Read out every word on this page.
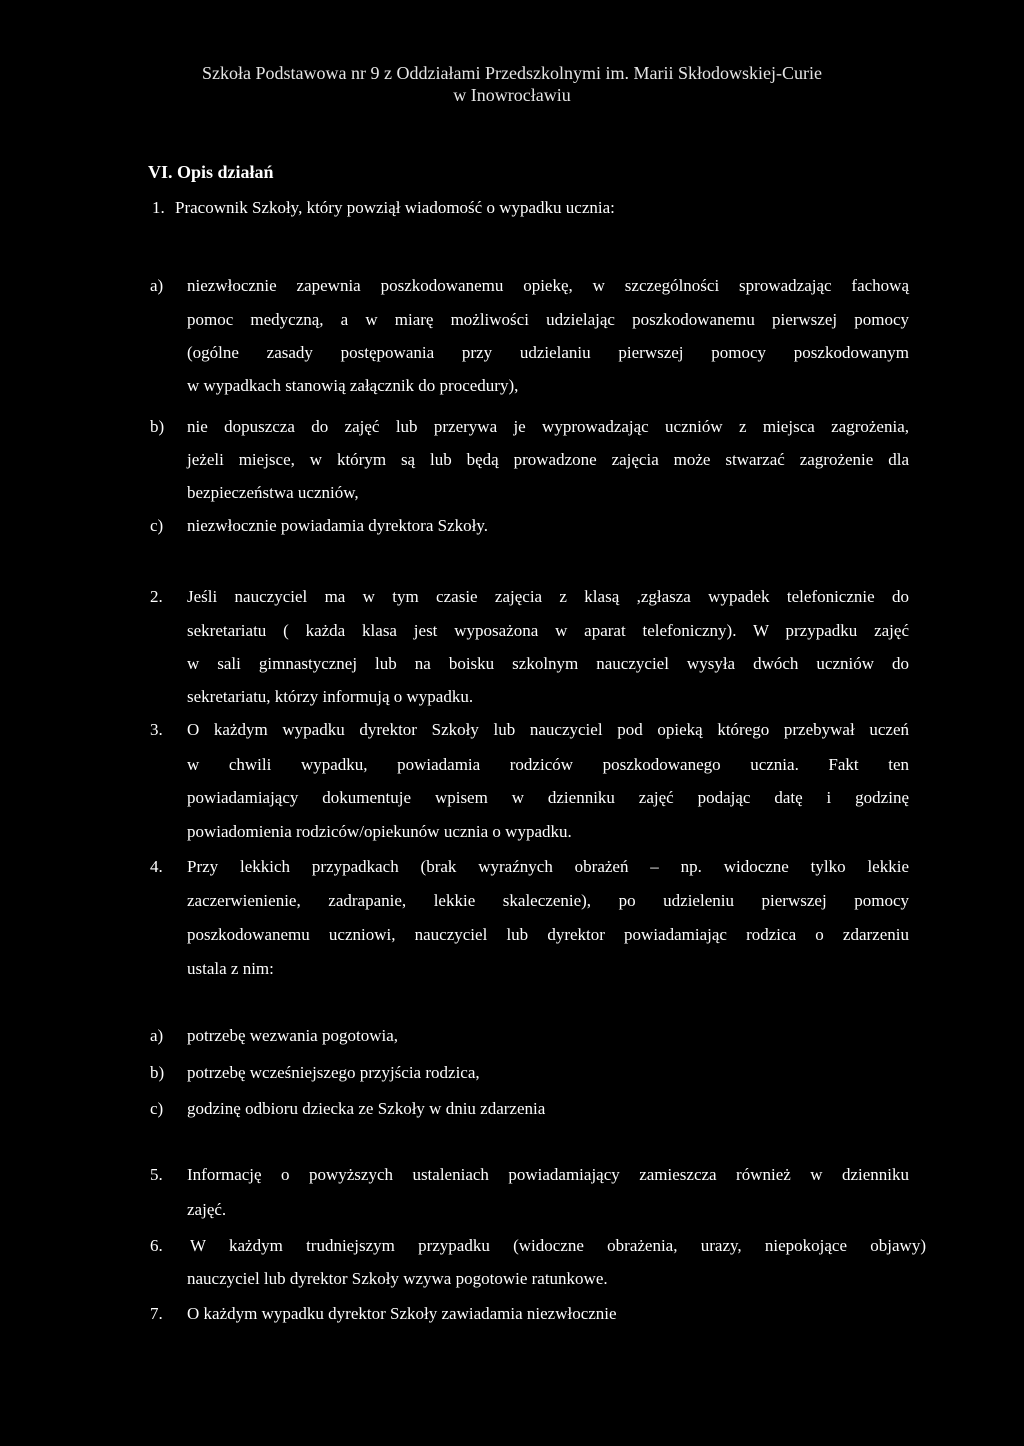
Szkoła Podstawowa nr 9 z Oddziałami Przedszkolnymi im. Marii Skłodowskiej-Curie
w Inowrocławiu
VI. Opis działań
1. Pracownik Szkoły, który powziął wiadomość o wypadku ucznia:
a) niezwłocznie zapewnia poszkodowanemu opiekę, w szczególności sprowadzając fachową
pomoc medyczną, a w miarę możliwości udzielając poszkodowanemu pierwszej pomocy
(ogólne zasady postępowania przy udzielaniu pierwszej pomocy poszkodowanym
w wypadkach stanowią załącznik do procedury),
b) nie dopuszcza do zajęć lub przerywa je wyprowadzając uczniów z miejsca zagrożenia,
jeżeli miejsce, w którym są lub będą prowadzone zajęcia może stwarzać zagrożenie dla
bezpieczeństwa uczniów,
c) niezwłocznie powiadamia dyrektora Szkoły.
2. Jeśli nauczyciel ma w tym czasie zajęcia z klasą ,zgłasza wypadek telefonicznie do
sekretariatu ( każda klasa jest wyposażona w aparat telefoniczny). W przypadku zajęć
w sali gimnastycznej lub na boisku szkolnym nauczyciel wysyła dwóch uczniów do
sekretariatu, którzy informują o wypadku.
3. O każdym wypadku dyrektor Szkoły lub nauczyciel pod opieką którego przebywał uczeń
w chwili wypadku, powiadamia rodziców poszkodowanego ucznia. Fakt ten
powiadamiający dokumentuje wpisem w dzienniku zajęć podając datę i godzinę
powiadomienia rodziców/opiekunów ucznia o wypadku.
4. Przy lekkich przypadkach (brak wyraźnych obrażeń – np. widoczne tylko lekkie
zaczerwienienie, zadrapanie, lekkie skaleczenie), po udzieleniu pierwszej pomocy
poszkodowanemu uczniowi, nauczyciel lub dyrektor powiadamiając rodzica o zdarzeniu
ustala z nim:
a) potrzebę wezwania pogotowia,
b) potrzebę wcześniejszego przyjścia rodzica,
c) godzinę odbioru dziecka ze Szkoły w dniu zdarzenia
5. Informację o powyższych ustaleniach powiadamiający zamieszcza również w dzienniku
zajęć.
6. W każdym trudniejszym przypadku (widoczne obrażenia, urazy, niepokojące objawy)
nauczyciel lub dyrektor Szkoły wzywa pogotowie ratunkowe.
7. O każdym wypadku dyrektor Szkoły zawiadamia niezwłocznie
